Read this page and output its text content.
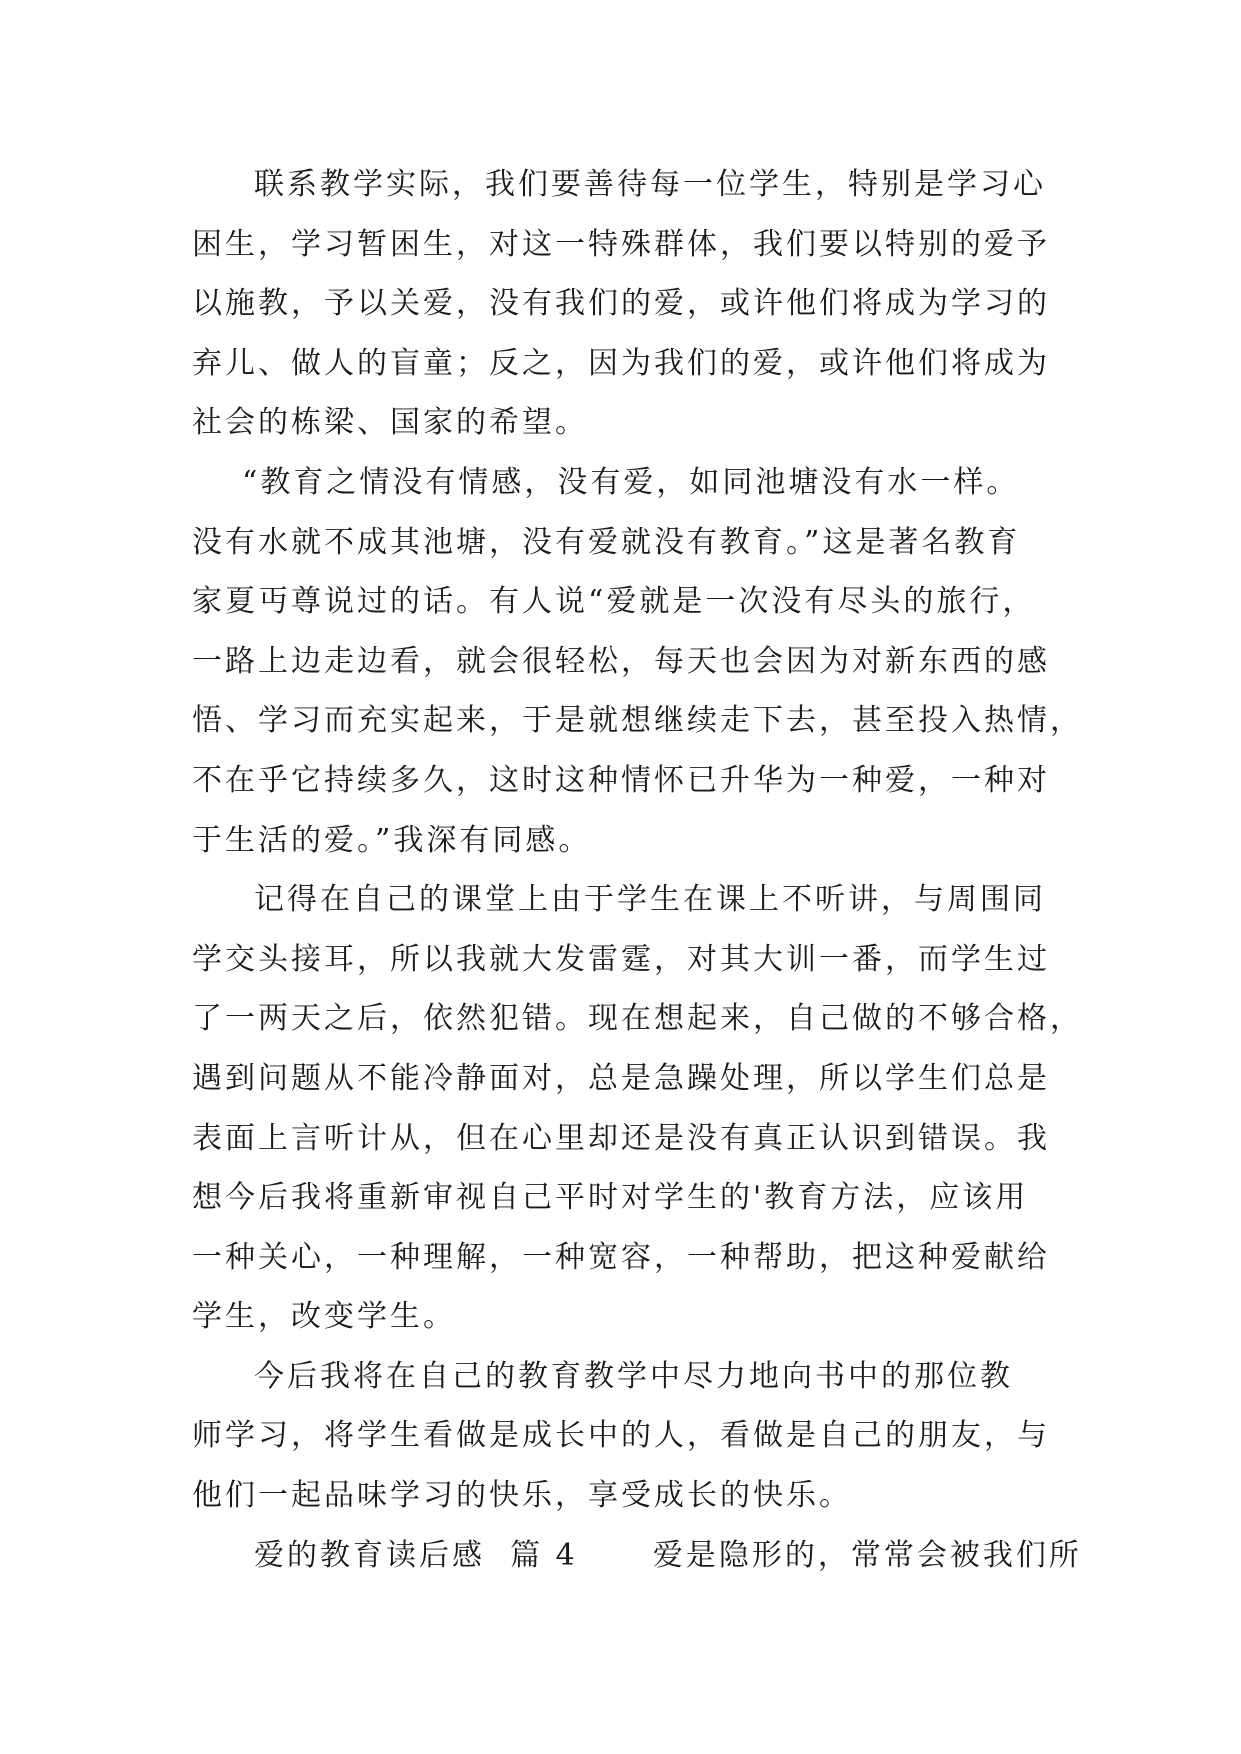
联系教学实际，我们要善待每一位学生，特别是学习心
困生，学习暂困生，对这一特殊群体，我们要以特别的爱予
以施教，予以关爱，没有我们的爱，或许他们将成为学习的
弃儿、做人的盲童；反之，因为我们的爱，或许他们将成为
社会的栋梁、国家的希望。
“教育之情没有情感，没有爱，如同池塘没有水一样。
没有水就不成其池塘，没有爱就没有教育。”这是著名教育
家夏丏尊说过的话。有人说“爱就是一次没有尽头的旅行，
一路上边走边看，就会很轻松，每天也会因为对新东西的感
悟、学习而充实起来，于是就想继续走下去，甚至投入热情，
不在乎它持续多久，这时这种情怀已升华为一种爱，一种对
于生活的爱。”我深有同感。
记得在自己的课堂上由于学生在课上不听讲，与周围同
学交头接耳，所以我就大发雷霆，对其大训一番，而学生过
了一两天之后，依然犯错。现在想起来，自己做的不够合格，
遇到问题从不能冷静面对，总是急躁处理，所以学生们总是
表面上言听计从，但在心里却还是没有真正认识到错误。我
想今后我将重新审视自己平时对学生的'教育方法，应该用
一种关心，一种理解，一种宽容，一种帮助，把这种爱献给
学生，改变学生。
今后我将在自己的教育教学中尽力地向书中的那位教
师学习，将学生看做是成长中的人，看做是自己的朋友，与
他们一起品味学习的快乐，享受成长的快乐。
爱的教育读后感  篇 4      爱是隐形的，常常会被我们所
